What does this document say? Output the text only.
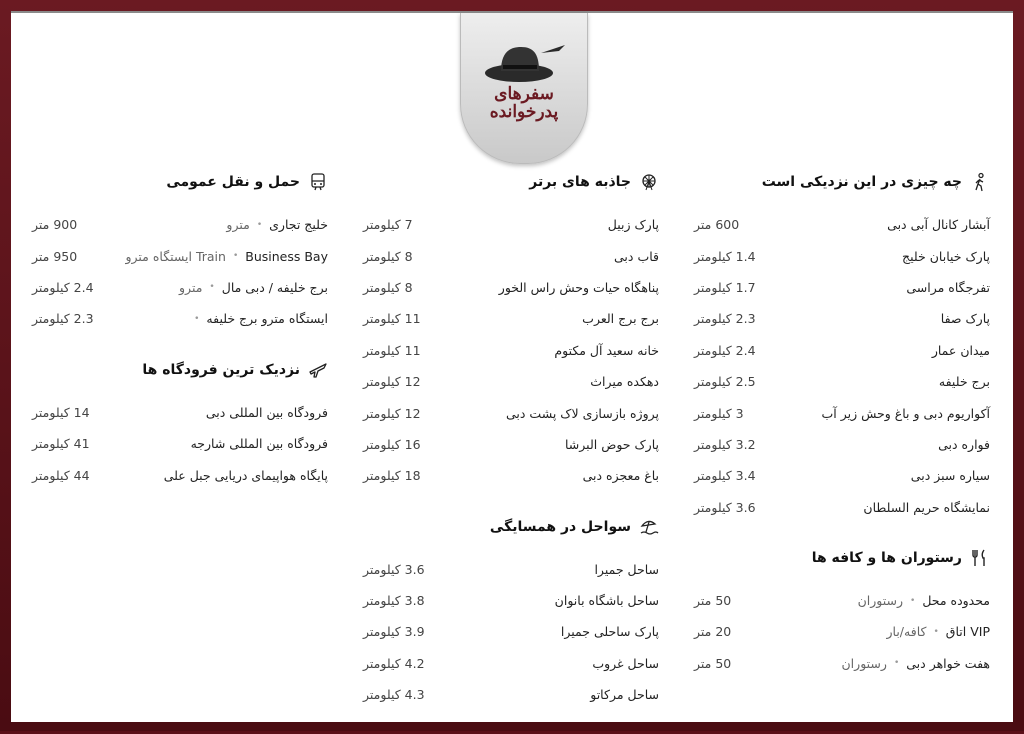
سفرهای
پدرخوانده
چه چیزی در این نزدیکی است
آبشار کانال آبی دبی
600 متر
پارک خیابان خلیج
1.4 کیلومتر
تفرجگاه مراسی
1.7 کیلومتر
پارک صفا
2.3 کیلومتر
میدان عمار
2.4 کیلومتر
برج خلیفه
2.5 کیلومتر
آکواریوم دبی و باغ وحش زیر آب
3 کیلومتر
فواره دبی
3.2 کیلومتر
سیاره سبز دبی
3.4 کیلومتر
نمایشگاه حریم السلطان
3.6 کیلومتر
رستوران ها و کافه ها
محدوده محل
•
رستوران
50 متر
VIP اتاق
•
کافه/بار
20 متر
هفت خواهر دبی
•
رستوران
50 متر
جاذبه های برتر
پارک زبیل
7 کیلومتر
قاب دبی
8 کیلومتر
پناهگاه حیات وحش راس الخور
8 کیلومتر
برج برج العرب
11 کیلومتر
خانه سعید آل مکتوم
11 کیلومتر
دهکده میراث
12 کیلومتر
پروژه بازسازی لاک پشت دبی
12 کیلومتر
پارک حوض البرشا
16 کیلومتر
باغ معجزه دبی
18 کیلومتر
سواحل در همسایگی
ساحل جمیرا
3.6 کیلومتر
ساحل باشگاه بانوان
3.8 کیلومتر
پارک ساحلی جمیرا
3.9 کیلومتر
ساحل غروب
4.2 کیلومتر
ساحل مرکاتو
4.3 کیلومتر
حمل و نقل عمومی
خلیج تجاری
•
مترو
900 متر
Business Bay
•
Train ایستگاه مترو
950 متر
برج خلیفه / دبی مال
•
مترو
2.4 کیلومتر
ایستگاه مترو برج خلیفه
•
2.3 کیلومتر
نزدیک ترین فرودگاه ها
فرودگاه بین المللی دبی
14 کیلومتر
فرودگاه بین المللی شارجه
41 کیلومتر
پایگاه هواپیمای دریایی جبل علی
44 کیلومتر
